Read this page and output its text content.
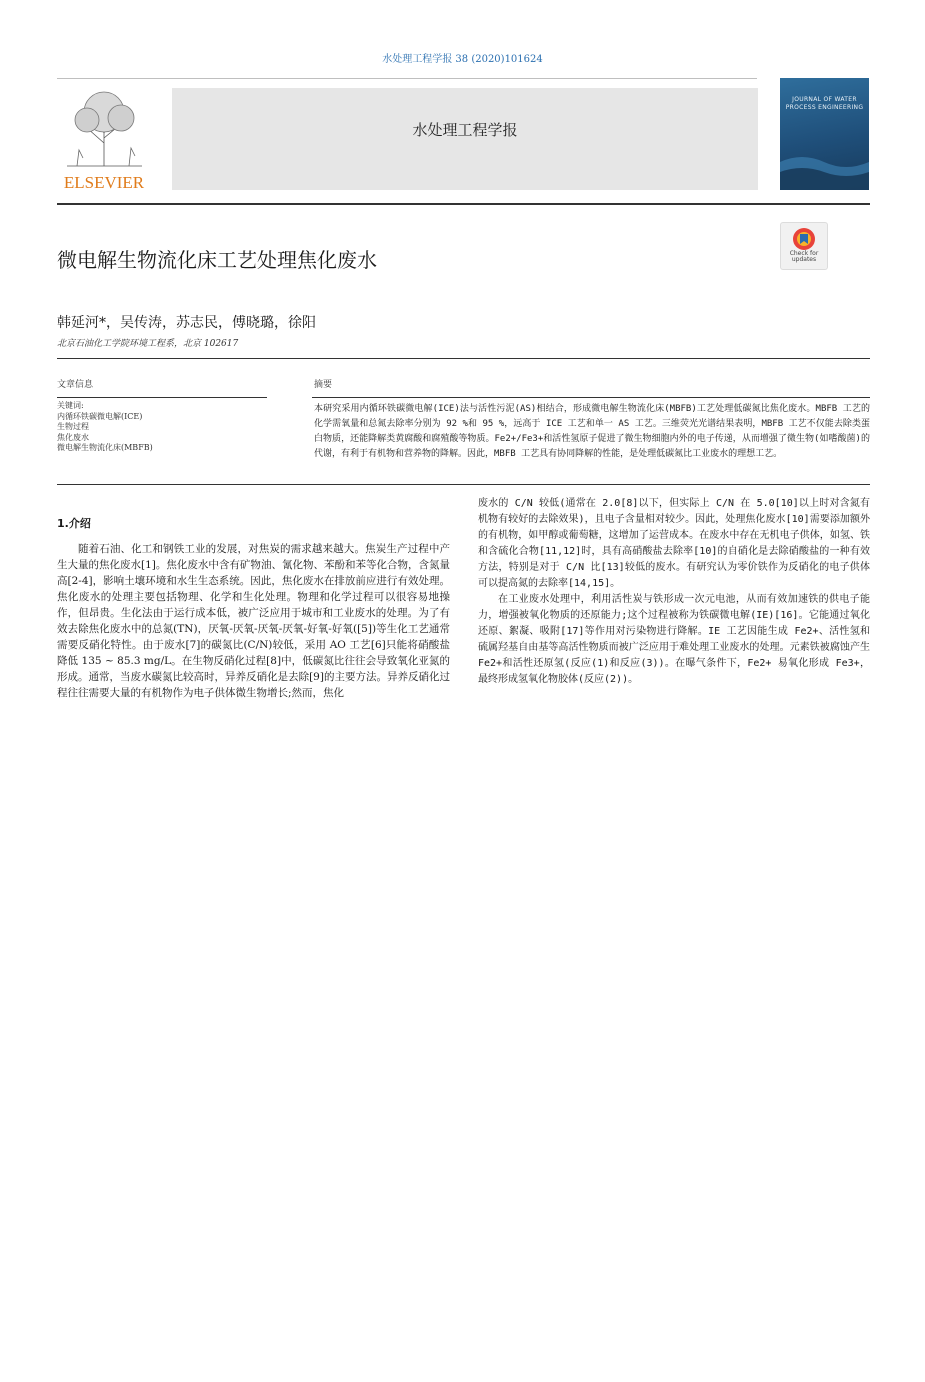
水处理工程学报 38 (2020)101624
ELSEVIER
水处理工程学报
JOURNAL OF WATER PROCESS ENGINEERING
微电解生物流化床工艺处理焦化废水	Check for updates
韩延河*，吴传涛，苏志民，傅晓璐，徐阳
北京石油化工学院环境工程系，北京 102617
文章信息	摘要
关键词:
内循环铁碳微电解(ICE)
生物过程
焦化废水
微电解生物流化床(MBFB)
本研究采用内循环铁碳微电解(ICE)法与活性污泥(AS)相结合，形成微电解生物流化床(MBFB)工艺处理低碳氮比焦化废水。MBFB 工艺的化学需氧量和总氮去除率分别为 92 %和 95 %，远高于 ICE 工艺和单一 AS 工艺。三维荧光光谱结果表明，MBFB 工艺不仅能去除类蛋白物质，还能降解类黄腐酸和腐殖酸等物质。Fe2+/Fe3+和活性氢原子促进了微生物细胞内外的电子传递，从而增强了微生物(如嗜酸菌)的代谢，有利于有机物和营养物的降解。因此，MBFB 工艺具有协同降解的性能，是处理低碳氮比工业废水的理想工艺。
1.介绍

随着石油、化工和钢铁工业的发展，对焦炭的需求越来越大。焦炭生产过程中产生大量的焦化废水[1]。焦化废水中含有矿物油、氰化物、苯酚和苯等化合物，含氮量高[2-4]，影响土壤环境和水生生态系统。因此，焦化废水在排放前应进行有效处理。焦化废水的处理主要包括物理、化学和生化处理。物理和化学过程可以很容易地操作，但昂贵。生化法由于运行成本低，被广泛应用于城市和工业废水的处理。为了有效去除焦化废水中的总氮(TN)，厌氧-厌氧-厌氧-厌氧-好氧-好氧([5])等生化工艺通常需要反硝化特性。由于废水[7]的碳氮比(C/N)较低，采用 AO 工艺[6]只能将硝酸盐降低 135 ~ 85.3 mg/L。在生物反硝化过程[8]中，低碳氮比往往会导致氧化亚氮的形成。通常，当废水碳氮比较高时，异养反硝化是去除[9]的主要方法。异养反硝化过程往往需要大量的有机物作为电子供体微生物增长;然而，焦化

废水的 C/N 较低(通常在 2.0[8]以下，但实际上 C/N 在 5.0[10]以上时对含氮有机物有较好的去除效果)，且电子含量相对较少。因此，处理焦化废水[10]需要添加额外的有机物，如甲醇或葡萄糖，这增加了运营成本。在废水中存在无机电子供体，如氢、铁和含硫化合物[11,12]时，具有高硝酸盐去除率[10]的自硝化是去除硝酸盐的一种有效方法，特别是对于 C/N 比[13]较低的废水。有研究认为零价铁作为反硝化的电子供体可以提高氮的去除率[14,15]。

在工业废水处理中，利用活性炭与铁形成一次元电池，从而有效加速铁的供电子能力，增强被氧化物质的还原能力;这个过程被称为铁碳微电解(IE)[16]。它能通过氧化还原、絮凝、吸附[17]等作用对污染物进行降解。IE 工艺因能生成 Fe2+、活性氢和硫属羟基自由基等高活性物质而被广泛应用于难处理工业废水的处理。元素铁被腐蚀产生 Fe2+和活性还原氢(反应(1)和反应(3))。在曝气条件下，Fe2+ 易氧化形成 Fe3+，最终形成氢氧化物胶体(反应(2))。
